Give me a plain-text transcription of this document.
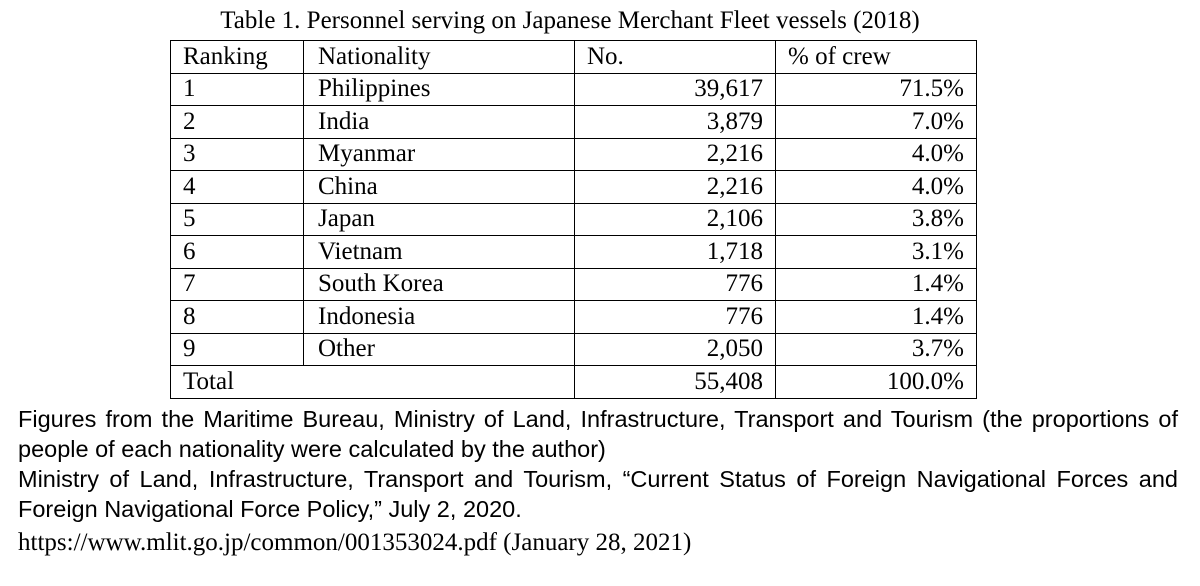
Table 1. Personnel serving on Japanese Merchant Fleet vessels (2018)
Ranking	Nationality	No.	% of crew
1	Philippines	39,617	71.5%
2	India	3,879	7.0%
3	Myanmar	2,216	4.0%
4	China	2,216	4.0%
5	Japan	2,106	3.8%
6	Vietnam	1,718	3.1%
7	South Korea	776	1.4%
8	Indonesia	776	1.4%
9	Other	2,050	3.7%
Total		55,408	100.0%

Figures from the Maritime Bureau, Ministry of Land, Infrastructure, Transport and Tourism (the proportions of people of each nationality were calculated by the author)

Ministry of Land, Infrastructure, Transport and Tourism, “Current Status of Foreign Navigational Forces and Foreign Navigational Force Policy,” July 2, 2020.

https://www.mlit.go.jp/common/001353024.pdf (January 28, 2021)
